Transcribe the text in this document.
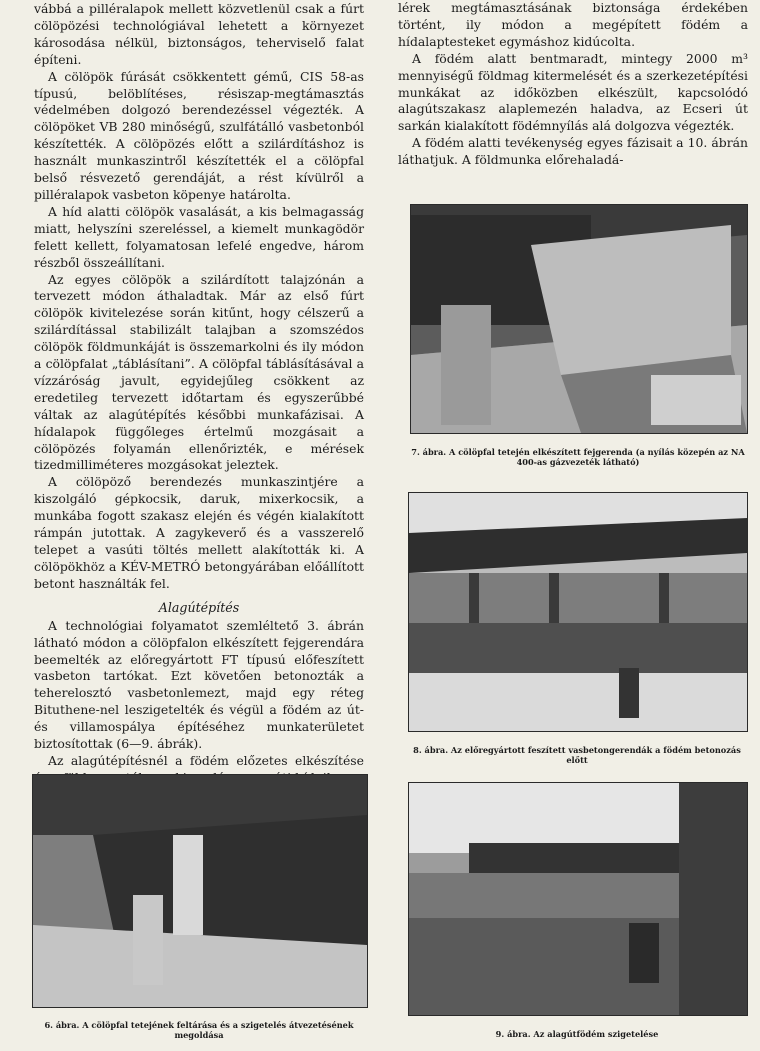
vábbá a pilléralapok mellett közvetlenül csak a fúrt cölöpözési technológiával lehetett a környezet károsodása nélkül, biztonságos, teherviselő falat építeni.

A cölöpök fúrását csökkentett gémű, CIS 58-as típusú, belöblítéses, résiszap-megtámasztás védelmében dolgozó berendezéssel végezték. A cölöpöket VB 280 minőségű, szulfátálló vasbetonból készítették. A cölöpözés előtt a szilárdításhoz is használt munkaszintről készítették el a cölöpfal belső résvezető gerendáját, a rést kívülről a pilléralapok vasbeton köpenye határolta.

A híd alatti cölöpök vasalását, a kis belmagasság miatt, helyszíni szereléssel, a kiemelt munkagödör felett kellett, folyamatosan lefelé engedve, három részből összeállítani.

Az egyes cölöpök a szilárdított talajzónán a tervezett módon áthaladtak. Már az első fúrt cölöpök kivitelezése során kitűnt, hogy célszerű a szilárdítással stabilizált talajban a szomszédos cölöpök földmunkáját is összemarkolni és ily módon a cölöpfalat „táblásítani”. A cölöpfal táblásításával a vízzáróság javult, egyidejűleg csökkent az eredetileg tervezett időtartam és egyszerűbbé váltak az alagútépítés későbbi munkafázisai. A hídalapok függőleges értelmű mozgásait a cölöpözés folyamán ellenőrizték, e mérések tizedmilliméteres mozgásokat jeleztek.

A cölöpöző berendezés munkaszintjére a kiszolgáló gépkocsik, daruk, mixerkocsik, a munkába fogott szakasz elején és végén kialakított rámpán jutottak. A zagykeverő és a vasszerelő telepet a vasúti töltés mellett alakították ki. A cölöpökhöz a KÉV-METRÓ betongyárában előállított betont használták fel.

Alagútépítés

A technológiai folyamatot szemléltető 3. ábrán látható módon a cölöpfalon elkészített fejgerendára beemelték az előregyártott FT típusú előfeszített vasbeton tartókat. Ezt követően betonozták a teherelosztó vasbetonlemezt, majd egy réteg Bituthene-nel leszigetelték és végül a födém az út- és villamospálya építéséhez munkaterületet biztosítottak (6—9. ábrák).

Az alagútépítésnél a födém előzetes elkészítése

lérek megtámasztásának biztonsága érdekében történt, ily módon a megépített födém a hídalaptesteket egymáshoz kidúcolta.

A födém alatt bentmaradt, mintegy 2000 m³ mennyiségű földmag kitermelését és a szerkezetépítési munkákat az időközben elkészült, kapcsolódó alagútszakasz alaplemezén haladva, az Ecseri út sarkán kialakított födémnyílás alá dolgozva végezték.

A födém alatti tevékenység egyes fázisait a 10. ábrán láthatjuk. A földmunka előrehaladá-

7. ábra. A cölöpfal tetején elkészített fejgerenda (a nyílás közepén az NA 400-as gázvezeték látható)
8. ábra. Az előregyártott feszített vasbetongerendák a födém betonozás előtt
9. ábra. Az alagútfödém szigetelése
6. ábra. A cölöpfal tetejének feltárása és a szigetelés átvezetésének megoldása
